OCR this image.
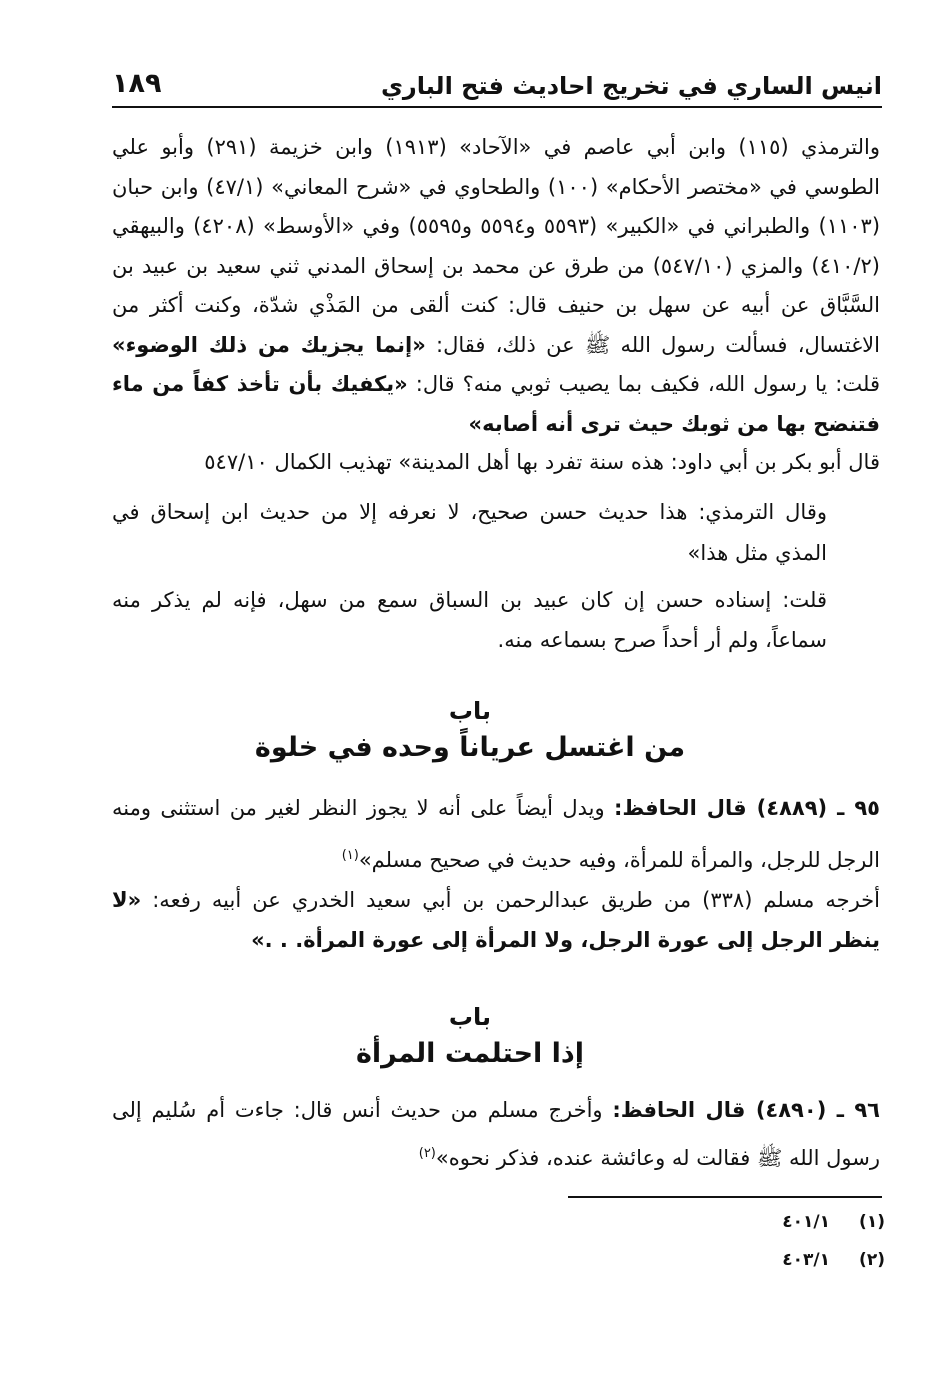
انيس الساري في تخريج احاديث فتح الباري
١٨٩

والترمذي (١١٥) وابن أبي عاصم في «الآحاد» (١٩١٣) وابن خزيمة (٢٩١) وأبو علي الطوسي في «مختصر الأحكام» (١٠٠) والطحاوي في «شرح المعاني» (٤٧/١) وابن حبان (١١٠٣) والطبراني في «الكبير» (٥٥٩٣ و٥٥٩٤ و٥٥٩٥) وفي «الأوسط» (٤٢٠٨) والبيهقي (٤١٠/٢) والمزي (٥٤٧/١٠) من طرق عن محمد بن إسحاق المدني ثني سعيد بن عبيد بن السَّبَّاق عن أبيه عن سهل بن حنيف قال: كنت ألقى من المَذْي شدّة، وكنت أكثر من الاغتسال، فسألت رسول الله ﷺ عن ذلك، فقال: «إنما يجزيك من ذلك الوضوء» قلت: يا رسول الله، فكيف بما يصيب ثوبي منه؟ قال: «يكفيك بأن تأخذ كفاً من ماء فتنضح بها من ثوبك حيث ترى أنه أصابه»

قال أبو بكر بن أبي داود: هذه سنة تفرد بها أهل المدينة» تهذيب الكمال ٥٤٧/١٠

وقال الترمذي: هذا حديث حسن صحيح، لا نعرفه إلا من حديث ابن إسحاق في المذي مثل هذا»

قلت: إسناده حسن إن كان عبيد بن السباق سمع من سهل، فإنه لم يذكر منه سماعاً، ولم أر أحداً صرح بسماعه منه.

باب
من اغتسل عرياناً وحده في خلوة

٩٥ ـ (٤٨٨٩) قال الحافظ: ويدل أيضاً على أنه لا يجوز النظر لغير من استثنى ومنه الرجل للرجل، والمرأة للمرأة، وفيه حديث في صحيح مسلم»$^{(١)}$

أخرجه مسلم (٣٣٨) من طريق عبدالرحمن بن أبي سعيد الخدري عن أبيه رفعه: «لا ينظر الرجل إلى عورة الرجل، ولا المرأة إلى عورة المرأة. . .»

باب
إذا احتلمت المرأة

٩٦ ـ (٤٨٩٠) قال الحافظ: وأخرج مسلم من حديث أنس قال: جاءت أم سُليم إلى رسول الله ﷺ فقالت له وعائشة عنده، فذكر نحوه»$^{(٢)}$

(١)٤٠١/١
(٢)٤٠٣/١
